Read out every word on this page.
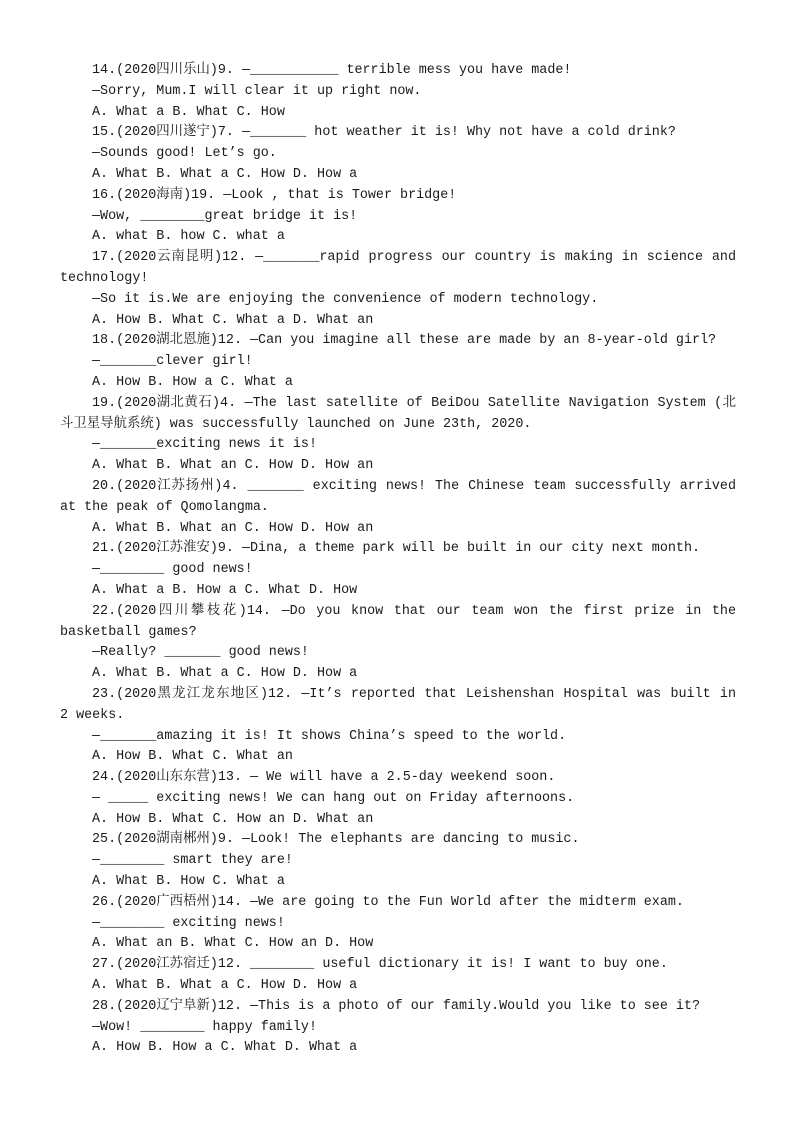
14.(2020四川乐山)9. —___________ terrible mess you have made!
—Sorry, Mum.I will clear it up right now.
A. What a B. What C. How
15.(2020四川遂宁)7. —_______ hot weather it is! Why not have a cold drink?
—Sounds good! Let’s go.
A. What B. What a C. How D. How a
16.(2020海南)19. —Look , that is Tower bridge!
—Wow, ________great bridge it is!
A. what B. how C. what a
17.(2020云南昆明)12. —_______rapid progress our country is making in science and
technology!
—So it is.We are enjoying the convenience of modern technology.
A. How B. What C. What a D. What an
18.(2020湖北恩施)12. —Can you imagine all these are made by an 8-year-old girl?
—_______clever girl!
A. How B. How a C. What a
19.(2020湖北黄石)4. —The last satellite of BeiDou Satellite Navigation System (北
斗卫星导航系统) was successfully launched on June 23th, 2020.
—_______exciting news it is!
A. What B. What an C. How D. How an
20.(2020江苏扬州)4. _______ exciting news! The Chinese team successfully arrived
at the peak of Qomolangma.
A. What B. What an C. How D. How an
21.(2020江苏淮安)9. —Dina, a theme park will be built in our city next month.
—________ good news!
A. What a B. How a C. What D. How
22.(2020四川攀枝花)14. —Do you know that our team won the first prize in the
basketball games?
—Really? _______ good news!
A. What B. What a C. How D. How a
23.(2020黑龙江龙东地区)12. —It’s reported that Leishenshan Hospital was built in
2 weeks.
—_______amazing it is! It shows China’s speed to the world.
A. How B. What C. What an
24.(2020山东东营)13. — We will have a 2.5-day weekend soon.
— _____ exciting news! We can hang out on Friday afternoons.
A. How B. What C. How an D. What an
25.(2020湖南郴州)9. —Look! The elephants are dancing to music.
—________ smart they are!
A. What B. How C. What a
26.(2020广西梧州)14. —We are going to the Fun World after the midterm exam.
—________ exciting news!
A. What an B. What C. How an D. How
27.(2020江苏宿迁)12. ________ useful dictionary it is! I want to buy one.
A. What B. What a C. How D. How a
28.(2020辽宁阜新)12. —This is a photo of our family.Would you like to see it?
—Wow! ________ happy family!
A. How B. How a C. What D. What a
